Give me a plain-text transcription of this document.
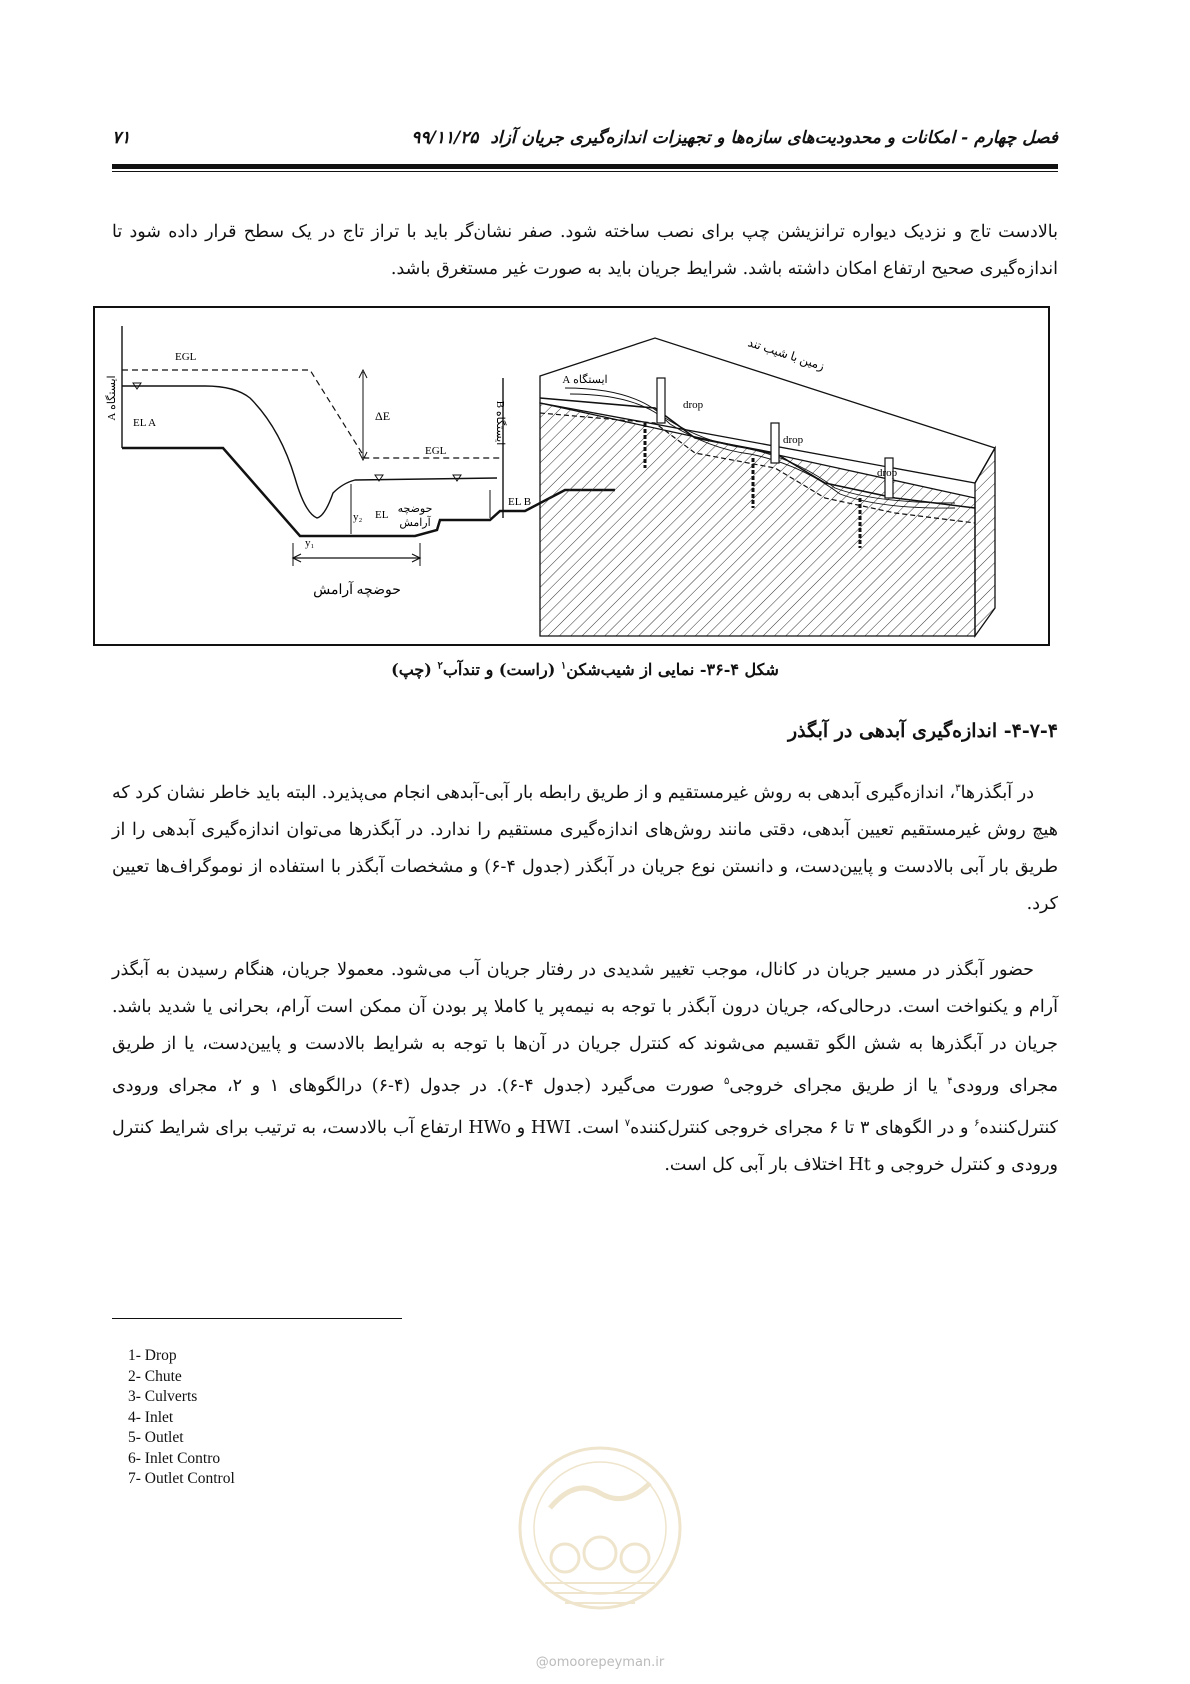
فصل چهارم - امکانات و محدودیت‌های سازه‌ها و تجهیزات اندازه‌گیری جریان آزاد ۹۹/۱۱/۲۵
۷۱
بالادست تاج و نزدیک دیواره ترانزیشن چپ برای نصب ساخته شود. صفر نشان‌گر باید با تراز تاج در یک سطح قرار داده شود تا اندازه‌گیری صحیح ارتفاع امکان داشته باشد. شرایط جریان باید به صورت غیر مستغرق باشد.
EGL
EGL
EL A
EL B
ΔE
y₂
y₁
EL حوضچه
آرامش
حوضچه آرامش
ایستگاه A	ایستگاه B
زمین با شیب تند
ایستگاه A
drop
drop
drop
شکل ۴-۳۶- نمایی از شیب‌شکن$^۱$ (راست) و تندآب$^۲$ (چپ)
۴-۷-۴- اندازه‌گیری آبدهی در آبگذر
در آبگذرها$^۳$، اندازه‌گیری آبدهی به روش غیرمستقیم و از طریق رابطه بار آبی-آبدهی انجام می‌پذیرد. البته باید خاطر نشان کرد که هیچ روش غیرمستقیم تعیین آبدهی، دقتی مانند روش‌های اندازه‌گیری مستقیم را ندارد. در آبگذرها می‌توان اندازه‌گیری آبدهی را از طریق بار آبی بالادست و پایین‌دست، و دانستن نوع جریان در آبگذر (جدول ۴-۶) و مشخصات آبگذر با استفاده از نوموگراف‌ها تعیین کرد.
حضور آبگذر در مسیر جریان در کانال، موجب تغییر شدیدی در رفتار جریان آب می‌شود. معمولا جریان، هنگام رسیدن به آبگذر آرام و یکنواخت است. درحالی‌که، جریان درون آبگذر با توجه به نیمه‌پر یا کاملا پر بودن آن ممکن است آرام، بحرانی یا شدید باشد. جریان در آبگذرها به شش الگو تقسیم می‌شوند که کنترل جریان در آن‌ها با توجه به شرایط بالادست و پایین‌دست، یا از طریق مجرای ورودی$^۴$ یا از طریق مجرای خروجی$^۵$ صورت می‌گیرد (جدول ۴-۶). در جدول (۴-۶) درالگوهای ۱ و ۲، مجرای ورودی کنترل‌کننده$^۶$ و در الگوهای ۳ تا ۶ مجرای خروجی کنترل‌کننده$^۷$ است. HWI و HWo ارتفاع آب بالادست، به ترتیب برای شرایط کنترل ورودی و کنترل خروجی و Ht اختلاف بار آبی کل است.
1- Drop
2- Chute
3- Culverts
4- Inlet
5- Outlet
6- Inlet Contro
7- Outlet Control
@omoorepeyman.ir
